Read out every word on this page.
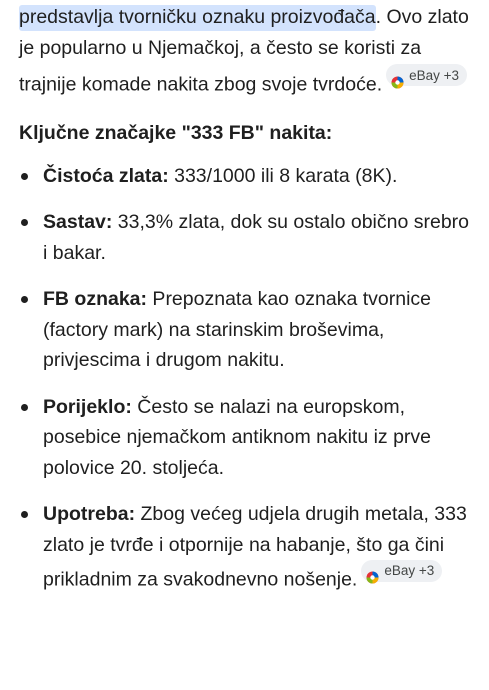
predstavlja tvorničku oznaku proizvođača. Ovo zlato je popularno u Njemačkoj, a često se koristi za trajnije komade nakita zbog svoje tvrdoće. eBay +3

Ključne značajke "333 FB" nakita:
Čistoća zlata: 333/1000 ili 8 karata (8K).
Sastav: 33,3% zlata, dok su ostalo obično srebro i bakar.
FB oznaka: Prepoznata kao oznaka tvornice (factory mark) na starinskim broševima, privjescima i drugom nakitu.
Porijeklo: Često se nalazi na europskom, posebice njemačkom antiknom nakitu iz prve polovice 20. stoljeća.
Upotreba: Zbog većeg udjela drugih metala, 333 zlato je tvrđe i otpornije na habanje, što ga čini prikladnim za svakodnevno nošenje. eBay +3
